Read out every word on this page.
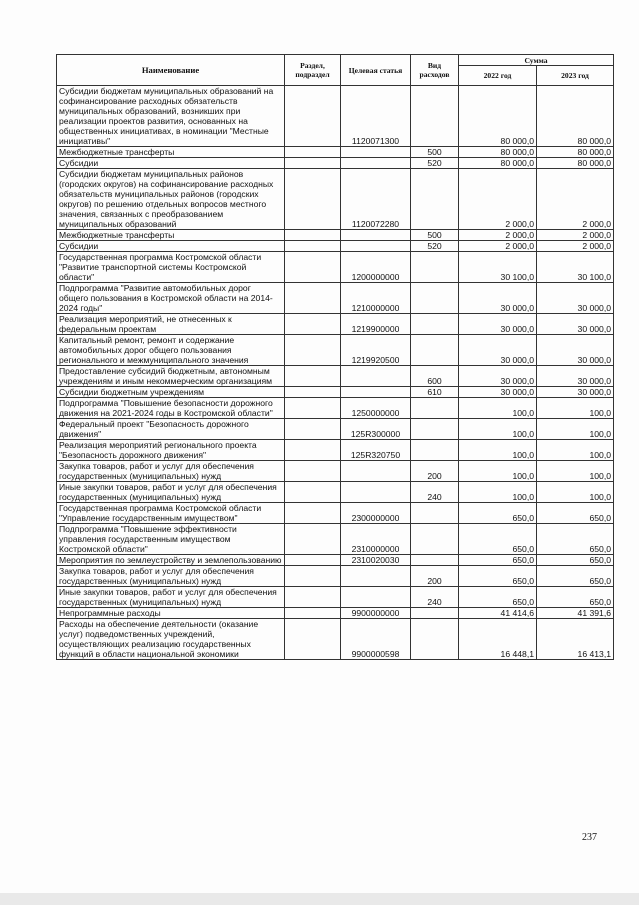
Наименование	Раздел, подраздел	Целевая статья	Вид расходов	Сумма	
				2022 год	2023 год
Субсидии бюджетам муниципальных образований на софинансирование расходных обязательств муниципальных образований, возникших при реализации проектов развития, основанных на общественных инициативах, в номинации "Местные инициативы"		1120071300		80 000,0	80 000,0
Межбюджетные трансферты			500	80 000,0	80 000,0
Субсидии			520	80 000,0	80 000,0
Субсидии бюджетам муниципальных районов (городских округов) на софинансирование расходных обязательств муниципальных районов (городских округов) по решению отдельных вопросов местного значения, связанных с преобразованием муниципальных образований		1120072280		2 000,0	2 000,0
Межбюджетные трансферты			500	2 000,0	2 000,0
Субсидии			520	2 000,0	2 000,0
Государственная программа Костромской области "Развитие транспортной системы Костромской области"		1200000000		30 100,0	30 100,0
Подпрограмма "Развитие автомобильных дорог общего пользования в Костромской области на 2014-2024 годы"		1210000000		30 000,0	30 000,0
Реализация мероприятий, не отнесенных к федеральным проектам		1219900000		30 000,0	30 000,0
Капитальный ремонт, ремонт и содержание автомобильных дорог общего пользования регионального и межмуниципального значения		1219920500		30 000,0	30 000,0
Предоставление субсидий бюджетным, автономным учреждениям и иным некоммерческим организациям			600	30 000,0	30 000,0
Субсидии бюджетным учреждениям			610	30 000,0	30 000,0
Подпрограмма "Повышение безопасности дорожного движения на 2021-2024 годы в Костромской области"		1250000000		100,0	100,0
Федеральный проект "Безопасность дорожного движения"		125R300000		100,0	100,0
Реализация мероприятий регионального проекта "Безопасность дорожного движения"		125R320750		100,0	100,0
Закупка товаров, работ и услуг для обеспечения государственных (муниципальных) нужд			200	100,0	100,0
Иные закупки товаров, работ и услуг для обеспечения государственных (муниципальных) нужд			240	100,0	100,0
Государственная программа Костромской области "Управление государственным имуществом"		2300000000		650,0	650,0
Подпрограмма "Повышение эффективности управления государственным имуществом Костромской области"		2310000000		650,0	650,0
Мероприятия по землеустройству и землепользованию		2310020030		650,0	650,0
Закупка товаров, работ и услуг для обеспечения государственных (муниципальных) нужд			200	650,0	650,0
Иные закупки товаров, работ и услуг для обеспечения государственных (муниципальных) нужд			240	650,0	650,0
Непрограммные расходы		9900000000		41 414,6	41 391,6
Расходы на обеспечение деятельности (оказание услуг) подведомственных учреждений, осуществляющих реализацию государственных функций в области национальной экономики		9900000598		16 448,1	16 413,1
237
